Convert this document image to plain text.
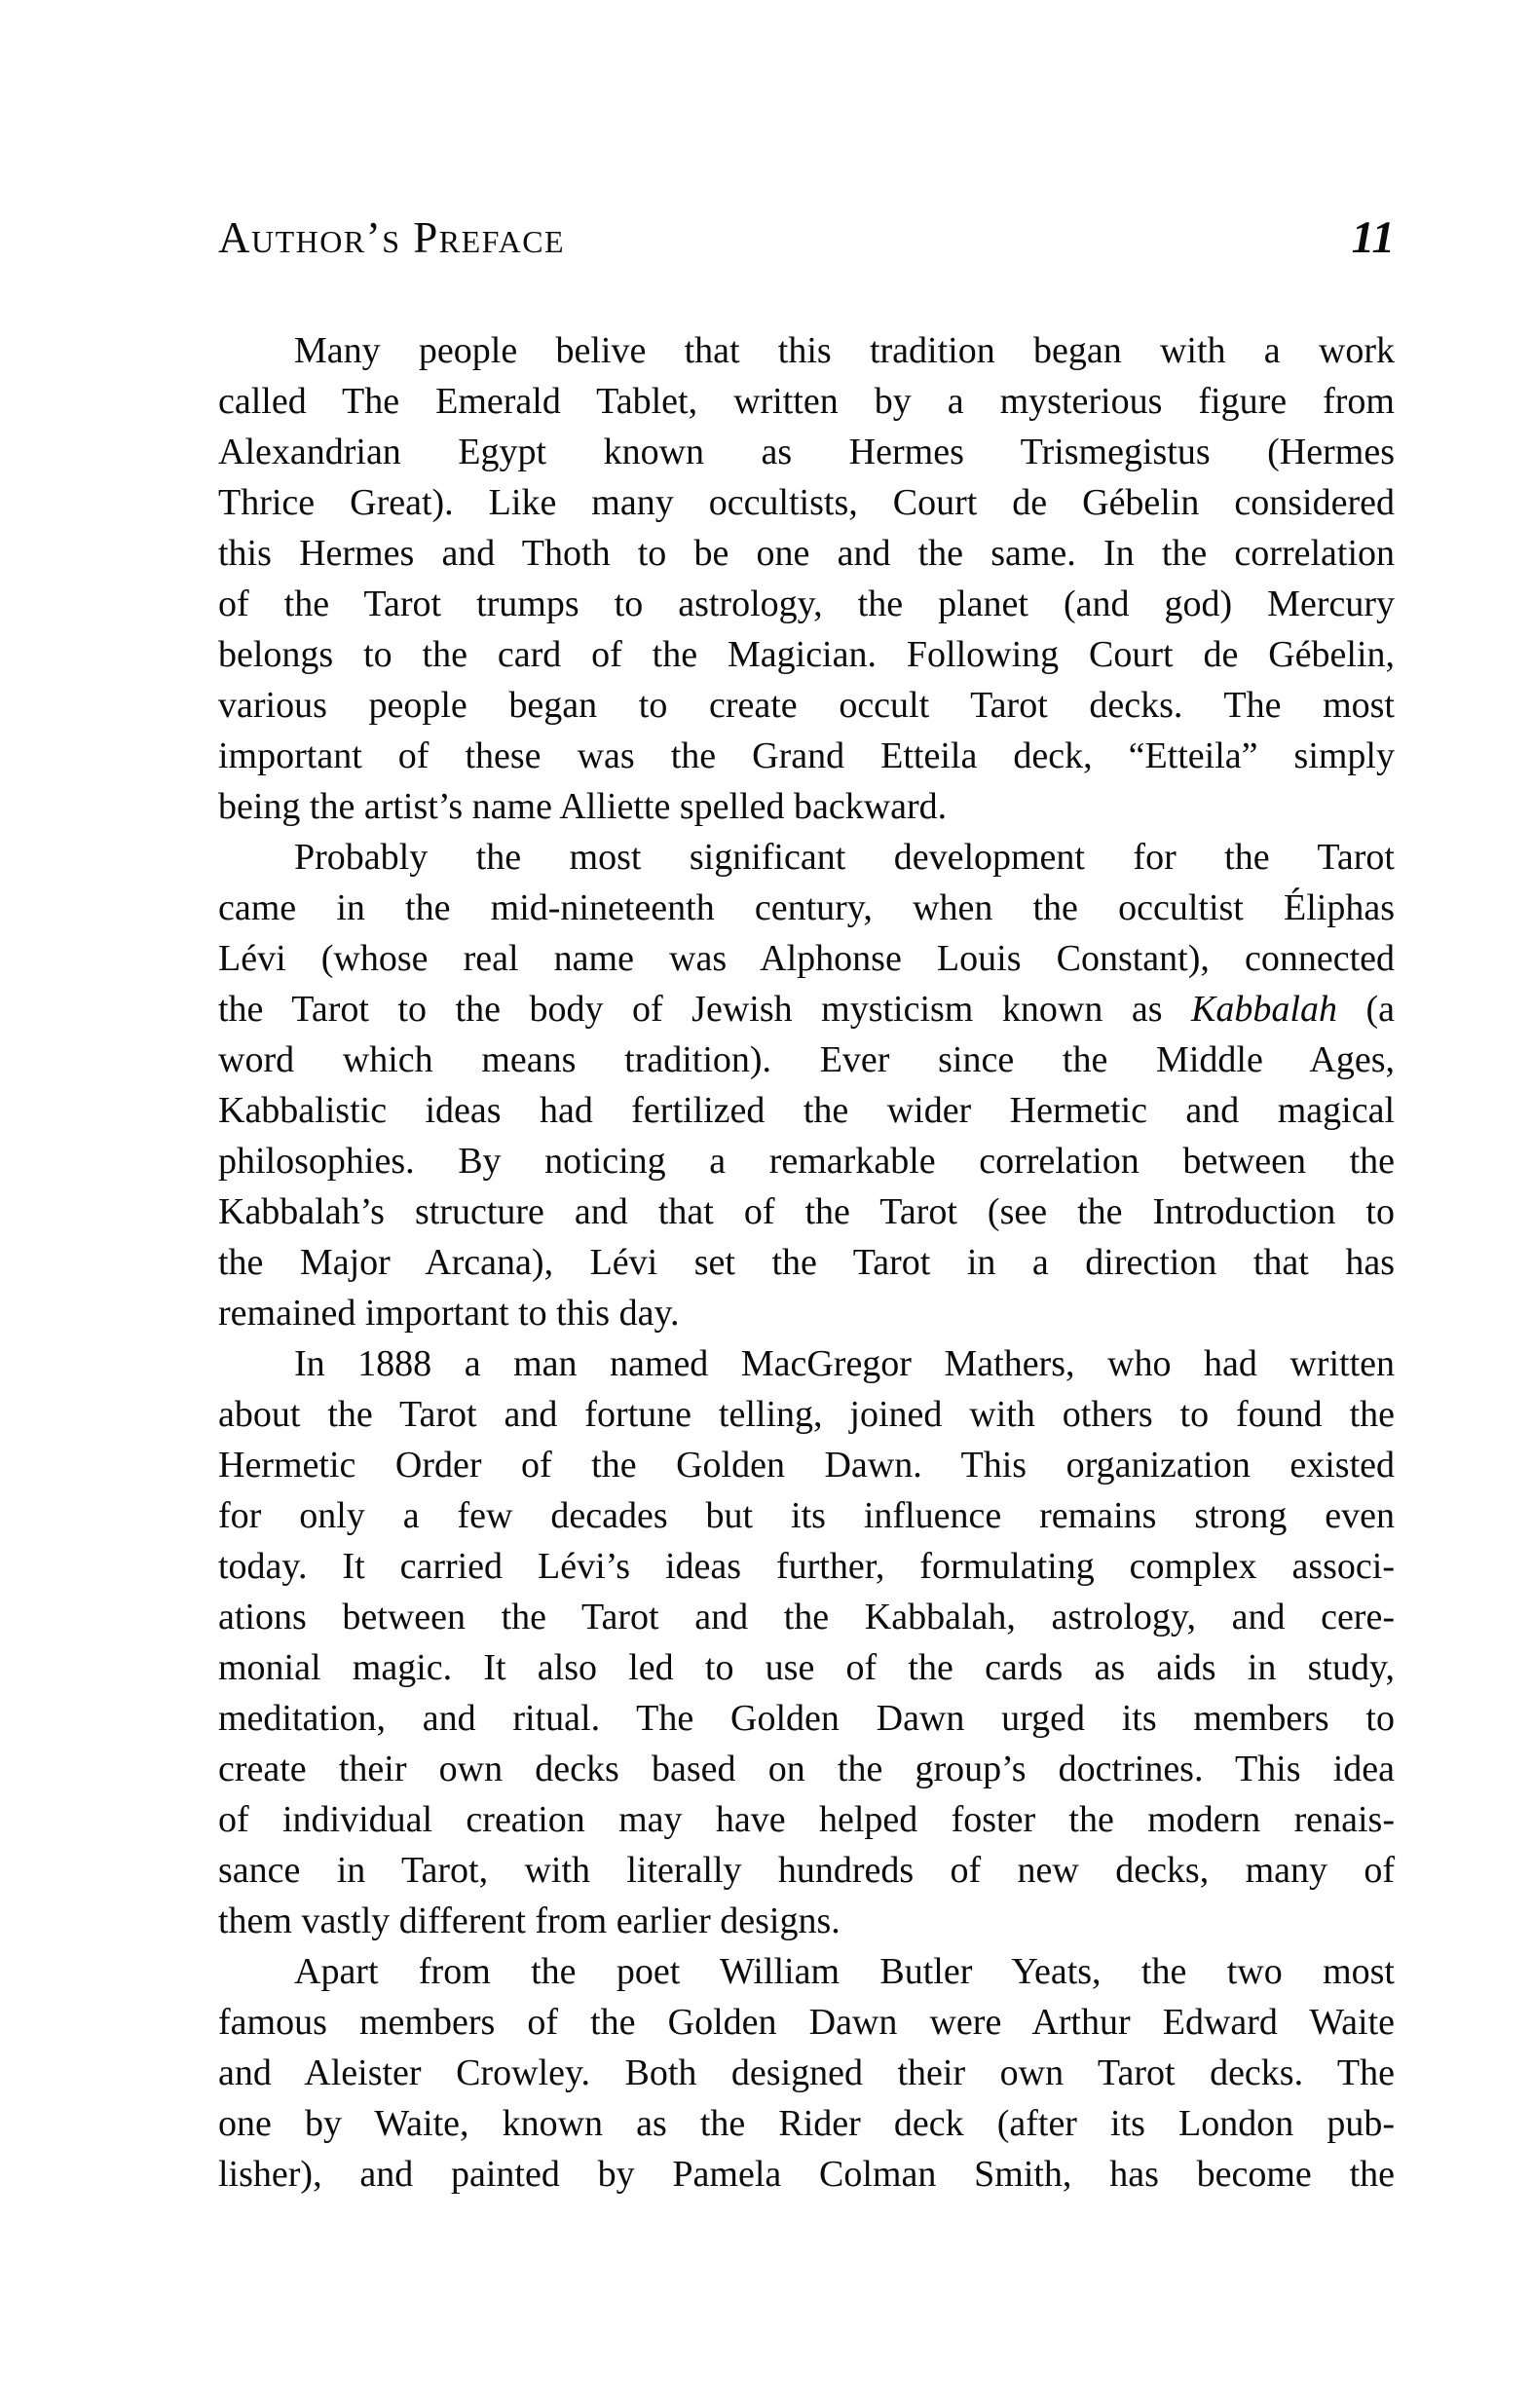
Author’s Preface	11
Many people belive that this tradition began with a work
called The Emerald Tablet, written by a mysterious figure from
Alexandrian Egypt known as Hermes Trismegistus (Hermes
Thrice Great). Like many occultists, Court de Gébelin considered
this Hermes and Thoth to be one and the same. In the correlation
of the Tarot trumps to astrology, the planet (and god) Mercury
belongs to the card of the Magician. Following Court de Gébelin,
various people began to create occult Tarot decks. The most
important of these was the Grand Etteila deck, “Etteila” simply
being the artist’s name Alliette spelled backward.
Probably the most significant development for the Tarot
came in the mid-nineteenth century, when the occultist Éliphas
Lévi (whose real name was Alphonse Louis Constant), connected
the Tarot to the body of Jewish mysticism known as Kabbalah (a
word which means tradition). Ever since the Middle Ages,
Kabbalistic ideas had fertilized the wider Hermetic and magical
philosophies. By noticing a remarkable correlation between the
Kabbalah’s structure and that of the Tarot (see the Introduction to
the Major Arcana), Lévi set the Tarot in a direction that has
remained important to this day.
In 1888 a man named MacGregor Mathers, who had written
about the Tarot and fortune telling, joined with others to found the
Hermetic Order of the Golden Dawn. This organization existed
for only a few decades but its influence remains strong even
today. It carried Lévi’s ideas further, formulating complex associ-
ations between the Tarot and the Kabbalah, astrology, and cere-
monial magic. It also led to use of the cards as aids in study,
meditation, and ritual. The Golden Dawn urged its members to
create their own decks based on the group’s doctrines. This idea
of individual creation may have helped foster the modern renais-
sance in Tarot, with literally hundreds of new decks, many of
them vastly different from earlier designs.
Apart from the poet William Butler Yeats, the two most
famous members of the Golden Dawn were Arthur Edward Waite
and Aleister Crowley. Both designed their own Tarot decks. The
one by Waite, known as the Rider deck (after its London pub-
lisher), and painted by Pamela Colman Smith, has become the
